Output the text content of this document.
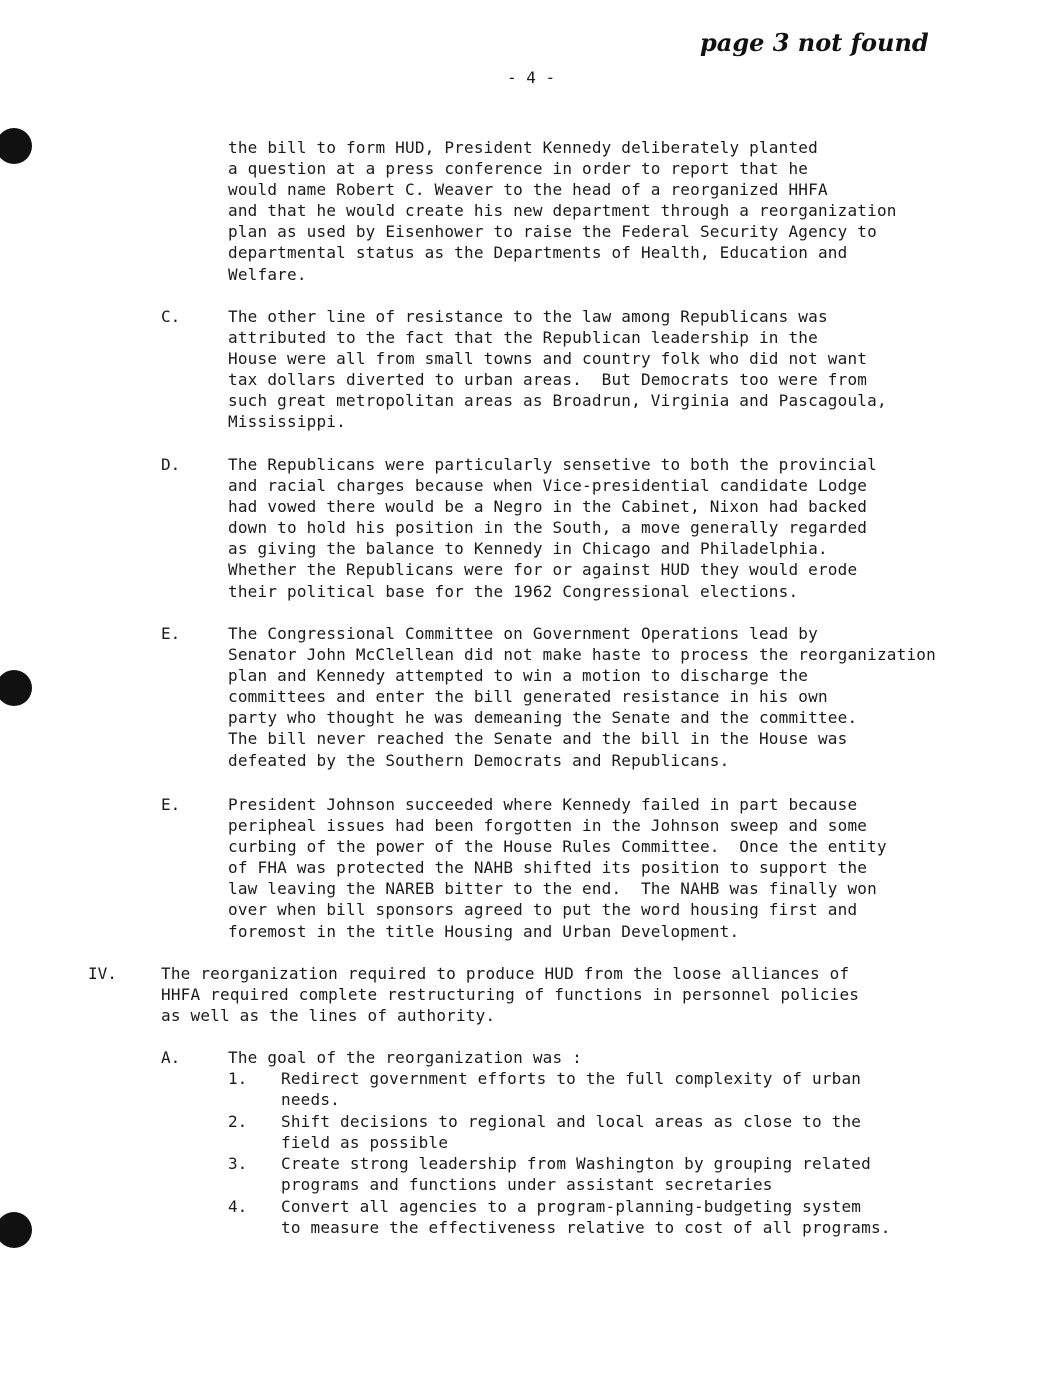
page 3 not found
- 4 -
the bill to form HUD, President Kennedy deliberately planted
a question at a press conference in order to report that he
would name Robert C. Weaver to the head of a reorganized HHFA
and that he would create his new department through a reorganization
plan as used by Eisenhower to raise the Federal Security Agency to
departmental status as the Departments of Health, Education and
Welfare.
C.	The other line of resistance to the law among Republicans was
attributed to the fact that the Republican leadership in the
House were all from small towns and country folk who did not want
tax dollars diverted to urban areas.  But Democrats too were from
such great metropolitan areas as Broadrun, Virginia and Pascagoula,
Mississippi.
D.	The Republicans were particularly sensetive to both the provincial
and racial charges because when Vice-presidential candidate Lodge
had vowed there would be a Negro in the Cabinet, Nixon had backed
down to hold his position in the South, a move generally regarded
as giving the balance to Kennedy in Chicago and Philadelphia.
Whether the Republicans were for or against HUD they would erode
their political base for the 1962 Congressional elections.
E.	The Congressional Committee on Government Operations lead by
Senator John McClellean did not make haste to process the reorganization
plan and Kennedy attempted to win a motion to discharge the
committees and enter the bill generated resistance in his own
party who thought he was demeaning the Senate and the committee.
The bill never reached the Senate and the bill in the House was
defeated by the Southern Democrats and Republicans.
E.	President Johnson succeeded where Kennedy failed in part because
peripheal issues had been forgotten in the Johnson sweep and some
curbing of the power of the House Rules Committee.  Once the entity
of FHA was protected the NAHB shifted its position to support the
law leaving the NAREB bitter to the end.  The NAHB was finally won
over when bill sponsors agreed to put the word housing first and
foremost in the title Housing and Urban Development.
IV.	The reorganization required to produce HUD from the loose alliances of
HHFA required complete restructuring of functions in personnel policies
as well as the lines of authority.
A.	The goal of the reorganization was :
1. Redirect government efforts to the full complexity of urban
needs.
2. Shift decisions to regional and local areas as close to the
field as possible
3. Create strong leadership from Washington by grouping related
programs and functions under assistant secretaries
4. Convert all agencies to a program-planning-budgeting system
to measure the effectiveness relative to cost of all programs.
